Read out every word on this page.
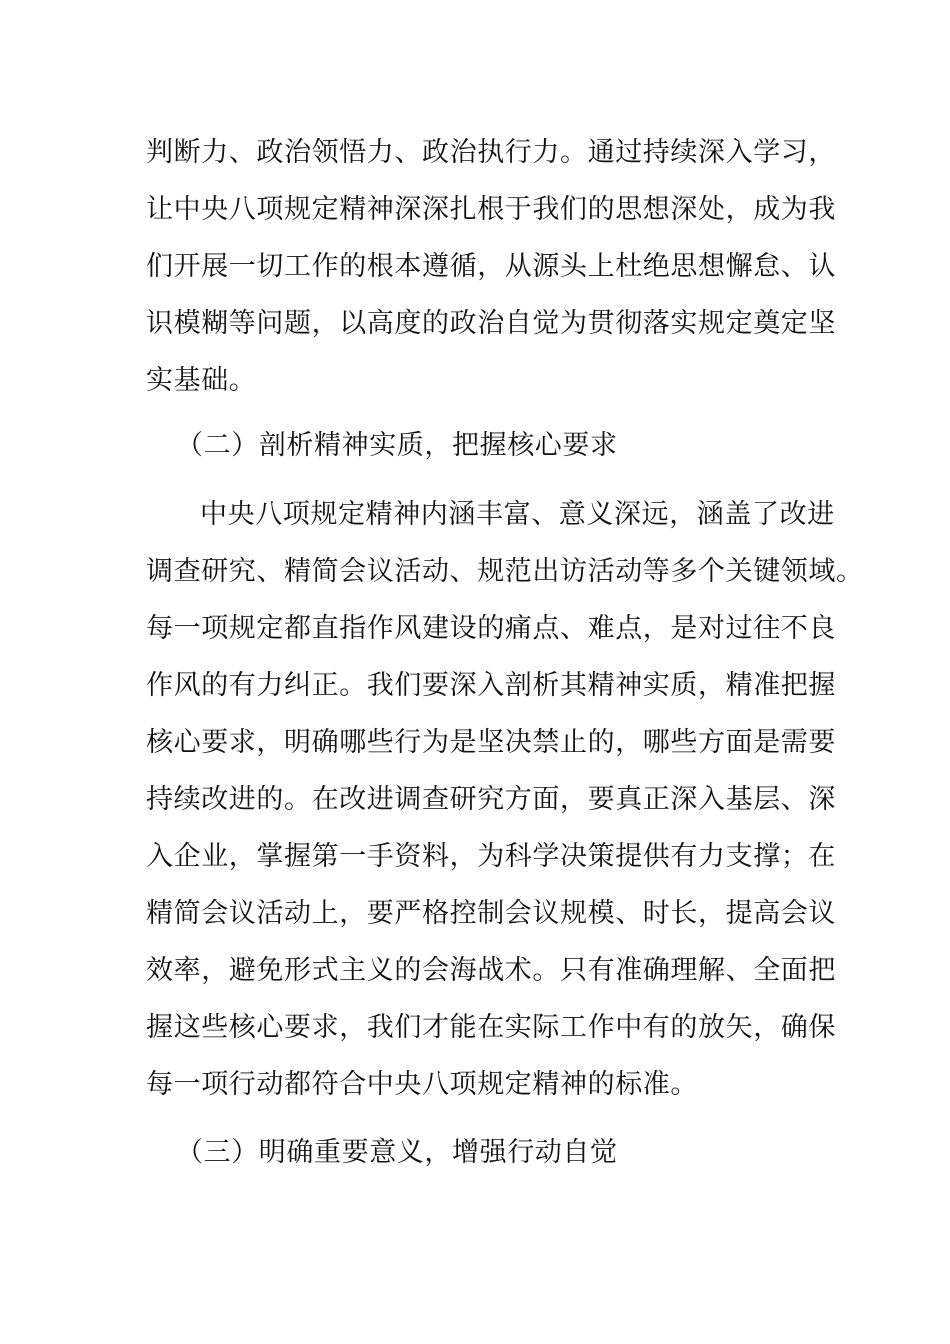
判断力、政治领悟力、政治执行力。通过持续深入学习，
让中央八项规定精神深深扎根于我们的思想深处，成为我
们开展一切工作的根本遵循，从源头上杜绝思想懈怠、认
识模糊等问题，以高度的政治自觉为贯彻落实规定奠定坚
实基础。
（二）剖析精神实质，把握核心要求
中央八项规定精神内涵丰富、意义深远，涵盖了改进
调查研究、精简会议活动、规范出访活动等多个关键领域。
每一项规定都直指作风建设的痛点、难点，是对过往不良
作风的有力纠正。我们要深入剖析其精神实质，精准把握
核心要求，明确哪些行为是坚决禁止的，哪些方面是需要
持续改进的。在改进调查研究方面，要真正深入基层、深
入企业，掌握第一手资料，为科学决策提供有力支撑；在
精简会议活动上，要严格控制会议规模、时长，提高会议
效率，避免形式主义的会海战术。只有准确理解、全面把
握这些核心要求，我们才能在实际工作中有的放矢，确保
每一项行动都符合中央八项规定精神的标准。
（三）明确重要意义，增强行动自觉
